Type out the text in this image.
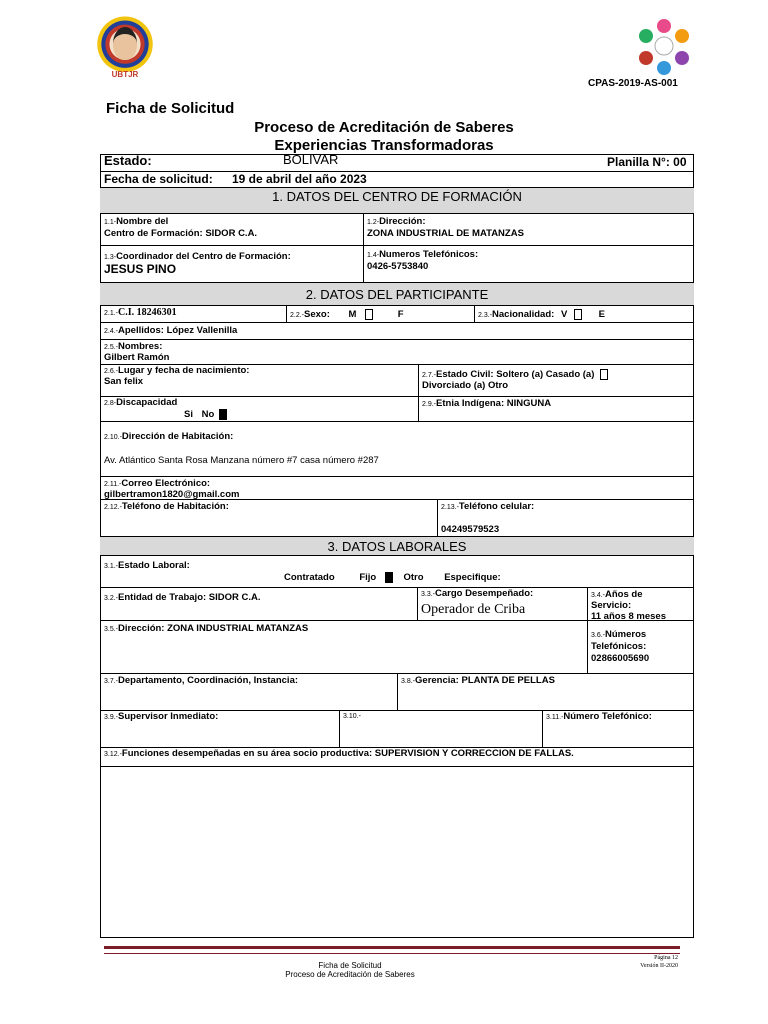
UBTJR
CPAS-2019-AS-001
Ficha de Solicitud
Proceso de Acreditación de Saberes
Experiencias Transformadoras
Estado:	BOLIVAR	Planilla N°: 00
Fecha de solicitud: 19 de abril del año 2023
1. DATOS DEL CENTRO DE FORMACIÓN
1.1-Nombre del
Centro de Formación: SIDOR C.A.
1.2-Dirección:
ZONA INDUSTRIAL DE MATANZAS
1.3-Coordinador del Centro de Formación:
JESUS PINO
1.4-Numeros Telefónicos:
0426-5753840
2. DATOS DEL PARTICIPANTE
2.1.-C.I. 18246301	2.2.-Sexo: M	F	2.3.-Nacionalidad: V	E
2.4.-Apellidos: López Vallenilla
2.5.-Nombres:
Gilbert Ramón
2.6.-Lugar y fecha de nacimiento:
San felix
2.7.-Estado Civil: Soltero (a) Casado (a)
Divorciado (a) Otro
2.8-Discapacidad
Si No
2.9.-Etnia Indígena: NINGUNA
2.10.-Dirección de Habitación:
Av. Atlántico Santa Rosa Manzana número #7 casa número #287
2.11.-Correo Electrónico:
gilbertramon1820@gmail.com
2.12.-Teléfono de Habitación:	2.13.-Teléfono celular:
04249579523
3. DATOS LABORALES
3.1.-Estado Laboral:
Contratado	Fijo	Otro Especifique:
3.2.-Entidad de Trabajo: SIDOR C.A.	3.3.-Cargo Desempeñado:
Operador de Criba
3.4.-Años de
Servicio:
11 años 8 meses
3.5.-Dirección: ZONA INDUSTRIAL MATANZAS
3.6.-Números
Telefónicos:
02866005690
3.7.-Departamento, Coordinación, Instancia:	3.8.-Gerencia: PLANTA DE PELLAS
3.9.-Supervisor Inmediato:	3.10.-	3.11.-Número Telefónico:
3.12.-Funciones desempeñadas en su área socio productiva: SUPERVISION Y CORRECCION DE FALLAS.
Ficha de Solicitud
Proceso de Acreditación de Saberes
Página 12
Versión II-2020
